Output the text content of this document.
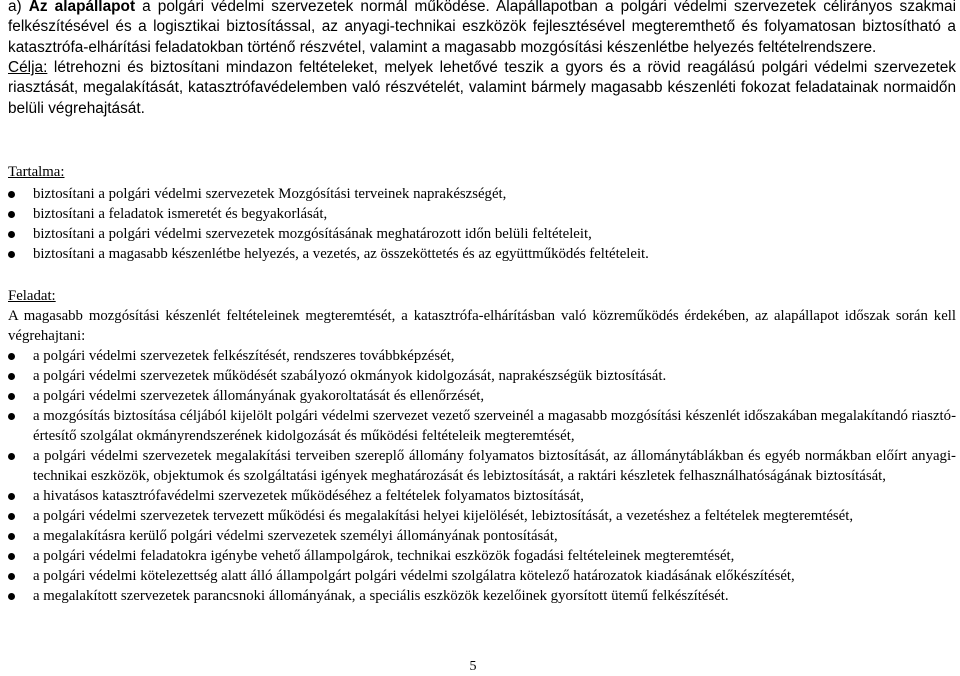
a) Az alapállapot a polgári védelmi szervezetek normál működése. Alapállapotban a polgári védelmi szervezetek célirányos szakmai felkészítésével és a logisztikai biztosítással, az anyagi-technikai eszközök fejlesztésével megteremthető és folyamatosan biztosítható a katasztrófa-elhárítási feladatokban történő részvétel, valamint a magasabb mozgósítási készenlétbe helyezés feltételrendszere.

Célja: létrehozni és biztosítani mindazon feltételeket, melyek lehetővé teszik a gyors és a rövid reagálású polgári védelmi szervezetek riasztását, megalakítását, katasztrófavédelemben való részvételét, valamint bármely magasabb készenléti fokozat feladatainak normaidőn belüli végrehajtását.

Tartalma:
biztosítani a polgári védelmi szervezetek Mozgósítási terveinek naprakészségét,
biztosítani a feladatok ismeretét és begyakorlását,
biztosítani a polgári védelmi szervezetek mozgósításának meghatározott időn belüli feltételeit,
biztosítani a magasabb készenlétbe helyezés, a vezetés, az összeköttetés és az együttműködés feltételeit.
Feladat:
A magasabb mozgósítási készenlét feltételeinek megteremtését, a katasztrófa-elhárításban való közreműködés érdekében, az alapállapot időszak során kell végrehajtani:
a polgári védelmi szervezetek felkészítését, rendszeres továbbképzését,
a polgári védelmi szervezetek működését szabályozó okmányok kidolgozását, naprakészségük biztosítását.
a polgári védelmi szervezetek állományának gyakoroltatását és ellenőrzését,
a mozgósítás biztosítása céljából kijelölt polgári védelmi szervezet vezető szerveinél a magasabb mozgósítási készenlét időszakában megalakítandó riasztó-értesítő szolgálat okmányrendszerének kidolgozását és működési feltételeik megteremtését,
a polgári védelmi szervezetek megalakítási terveiben szereplő állomány folyamatos biztosítását, az állománytáblákban és egyéb normákban előírt anyagi-technikai eszközök, objektumok és szolgáltatási igények meghatározását és lebiztosítását, a raktári készletek felhasználhatóságának biztosítását,
a hivatásos katasztrófavédelmi szervezetek működéséhez a feltételek folyamatos biztosítását,
a polgári védelmi szervezetek tervezett működési és megalakítási helyei kijelölését, lebiztosítását, a vezetéshez a feltételek megteremtését,
a megalakításra kerülő polgári védelmi szervezetek személyi állományának pontosítását,
a polgári védelmi feladatokra igénybe vehető állampolgárok, technikai eszközök fogadási feltételeinek megteremtését,
a polgári védelmi kötelezettség alatt álló állampolgárt polgári védelmi szolgálatra kötelező határozatok kiadásának előkészítését,
a megalakított szervezetek parancsnoki állományának, a speciális eszközök kezelőinek gyorsított ütemű felkészítését.
5
